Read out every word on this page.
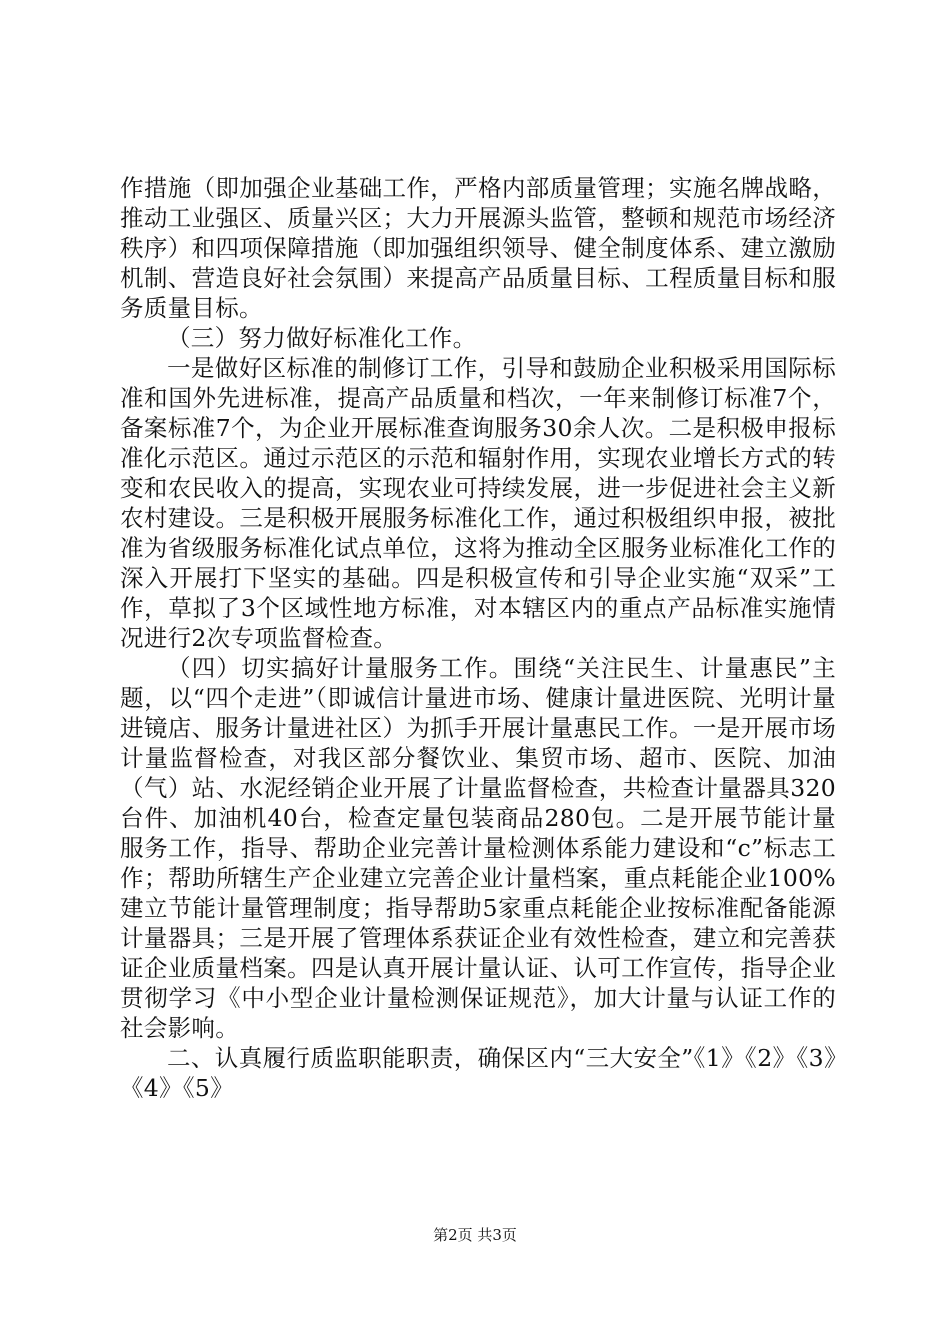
作措施（即加强企业基础工作，严格内部质量管理；实施名牌战略，推动工业强区、质量兴区；大力开展源头监管，整顿和规范市场经济秩序）和四项保障措施（即加强组织领导、健全制度体系、建立激励机制、营造良好社会氛围）来提高产品质量目标、工程质量目标和服务质量目标。

（三）努力做好标准化工作。

一是做好区标准的制修订工作，引导和鼓励企业积极采用国际标准和国外先进标准，提高产品质量和档次，一年来制修订标准7个，备案标准7个，为企业开展标准查询服务30余人次。二是积极申报标准化示范区。通过示范区的示范和辐射作用，实现农业增长方式的转变和农民收入的提高，实现农业可持续发展，进一步促进社会主义新农村建设。三是积极开展服务标准化工作，通过积极组织申报，被批准为省级服务标准化试点单位，这将为推动全区服务业标准化工作的深入开展打下坚实的基础。四是积极宣传和引导企业实施“双采”工作，草拟了3个区域性地方标准，对本辖区内的重点产品标准实施情况进行2次专项监督检查。

（四）切实搞好计量服务工作。围绕“关注民生、计量惠民”主题，以“四个走进”（即诚信计量进市场、健康计量进医院、光明计量进镜店、服务计量进社区）为抓手开展计量惠民工作。一是开展市场计量监督检查，对我区部分餐饮业、集贸市场、超市、医院、加油（气）站、水泥经销企业开展了计量监督检查，共检查计量器具320台件、加油机40台，检查定量包装商品280包。二是开展节能计量服务工作，指导、帮助企业完善计量检测体系能力建设和“c”标志工作；帮助所辖生产企业建立完善企业计量档案，重点耗能企业100%建立节能计量管理制度；指导帮助5家重点耗能企业按标准配备能源计量器具；三是开展了管理体系获证企业有效性检查，建立和完善获证企业质量档案。四是认真开展计量认证、认可工作宣传，指导企业贯彻学习《中小型企业计量检测保证规范》，加大计量与认证工作的社会影响。

二、认真履行质监职能职责，确保区内“三大安全”《1》《2》《3》《4》《5》

第2页 共3页
